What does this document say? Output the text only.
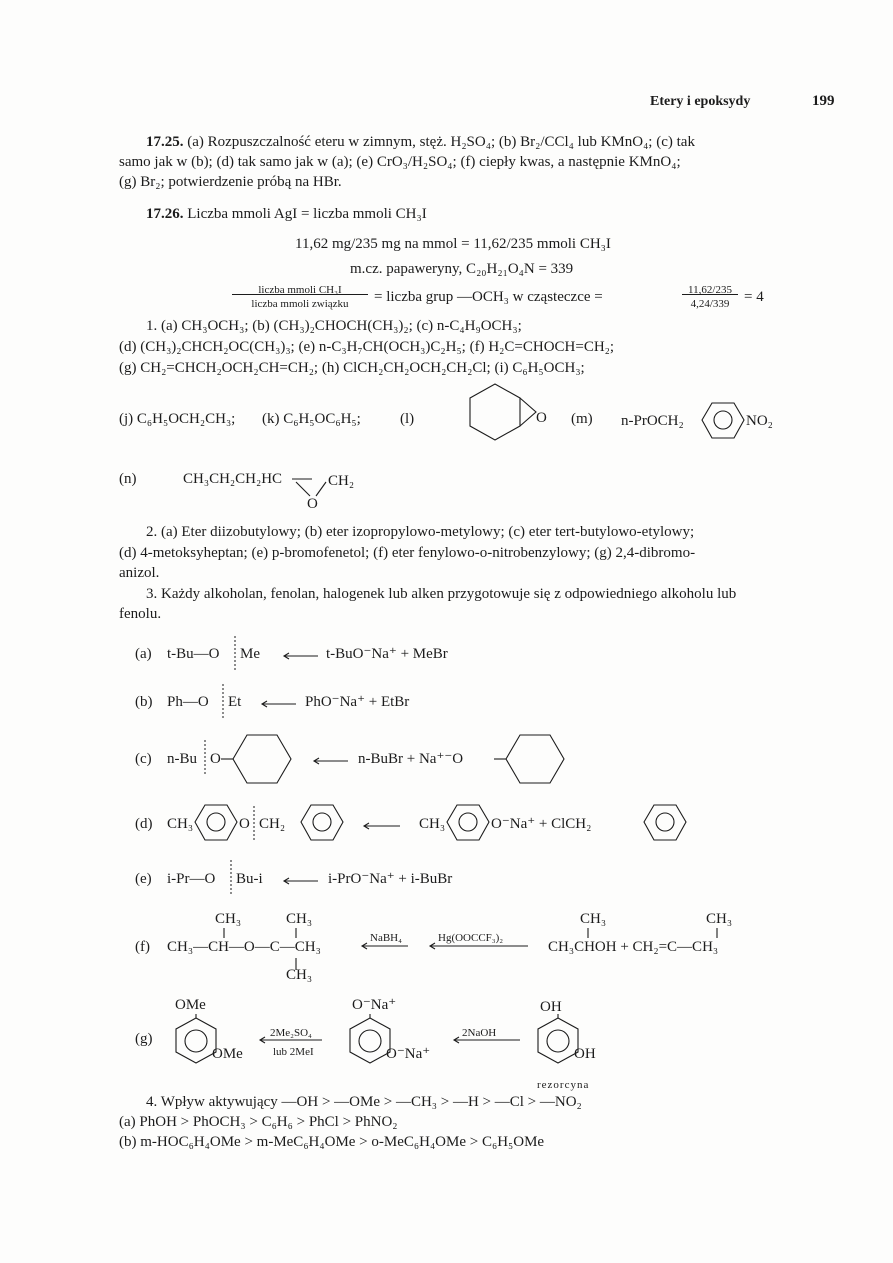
Etery i epoksydy	199
17.25. (a) Rozpuszczalność eteru w zimnym, stęż. H₂SO₄; (b) Br₂/CCl₄ lub KMnO₄; (c) tak
samo jak w (b); (d) tak samo jak w (a); (e) CrO₃/H₂SO₄; (f) ciepły kwas, a następnie KMnO₄;
(g) Br₂; potwierdzenie próbą na HBr.
17.26. Liczba mmoli AgI = liczba mmoli CH₃I
11,62 mg/235 mg na mmol = 11,62/235 mmoli CH₃I
m.cz. papaweryny, C₂₀H₂₁O₄N = 339
liczba mmoli CH₃I
liczba mmoli związku	= liczba grup —OCH₃ w cząsteczce =	11,62/235
4,24/339 = 4
1. (a) CH₃OCH₃; (b) (CH₃)₂CHOCH(CH₃)₂; (c) n-C₄H₉OCH₃;
(d) (CH₃)₂CHCH₂OC(CH₃)₃; (e) n-C₃H₇CH(OCH₃)C₂H₅; (f) H₂C=CHOCH=CH₂;
(g) CH₂=CHCH₂OCH₂CH=CH₂; (h) ClCH₂CH₂OCH₂CH₂Cl; (i) C₆H₅OCH₃;
(j) C₆H₅OCH₂CH₃; (k) C₆H₅OC₆H₅;	(l)	O (m) n-PrOCH₂	NO₂
(n)	CH₃CH₂CH₂HC	CH₂
O
2. (a) Eter diizobutylowy; (b) eter izopropylowo-metylowy; (c) eter tert-butylowo-etylowy;
(d) 4-metoksyheptan; (e) p-bromofenetol; (f) eter fenylowo-o-nitrobenzylowy; (g) 2,4-dibromo-
anizol.
3. Każdy alkoholan, fenolan, halogenek lub alken przygotowuje się z odpowiedniego alkoholu lub
fenolu.
(a) t-Bu—O Me	t-BuO⁻Na⁺ + MeBr
(b) Ph—O Et	PhO⁻Na⁺ + EtBr
(c) n-Bu O	n-BuBr + Na⁺⁻O
(d) CH₃	O CH₂	CH₃	O⁻Na⁺ + ClCH₂
(e) i-Pr—O Bu-i	i-PrO⁻Na⁺ + i-BuBr
(f)
CH₃	CH₃
CH₃—CH—O—C—CH₃
CH₃
NaBH₄	Hg(OOCCF₃)₂
CH₃	CH₃
CH₃CHOH + CH₂=C—CH₃
(g)
OMe
OMe
2Me₂SO₄
lub 2MeI
O⁻Na⁺
O⁻Na⁺
2NaOH
OH
OH
rezorcyna
4. Wpływ aktywujący —OH > —OMe > —CH₃ > —H > —Cl > —NO₂
(a) PhOH > PhOCH₃ > C₆H₆ > PhCl > PhNO₂
(b) m-HOC₆H₄OMe > m-MeC₆H₄OMe > o-MeC₆H₄OMe > C₆H₅OMe
